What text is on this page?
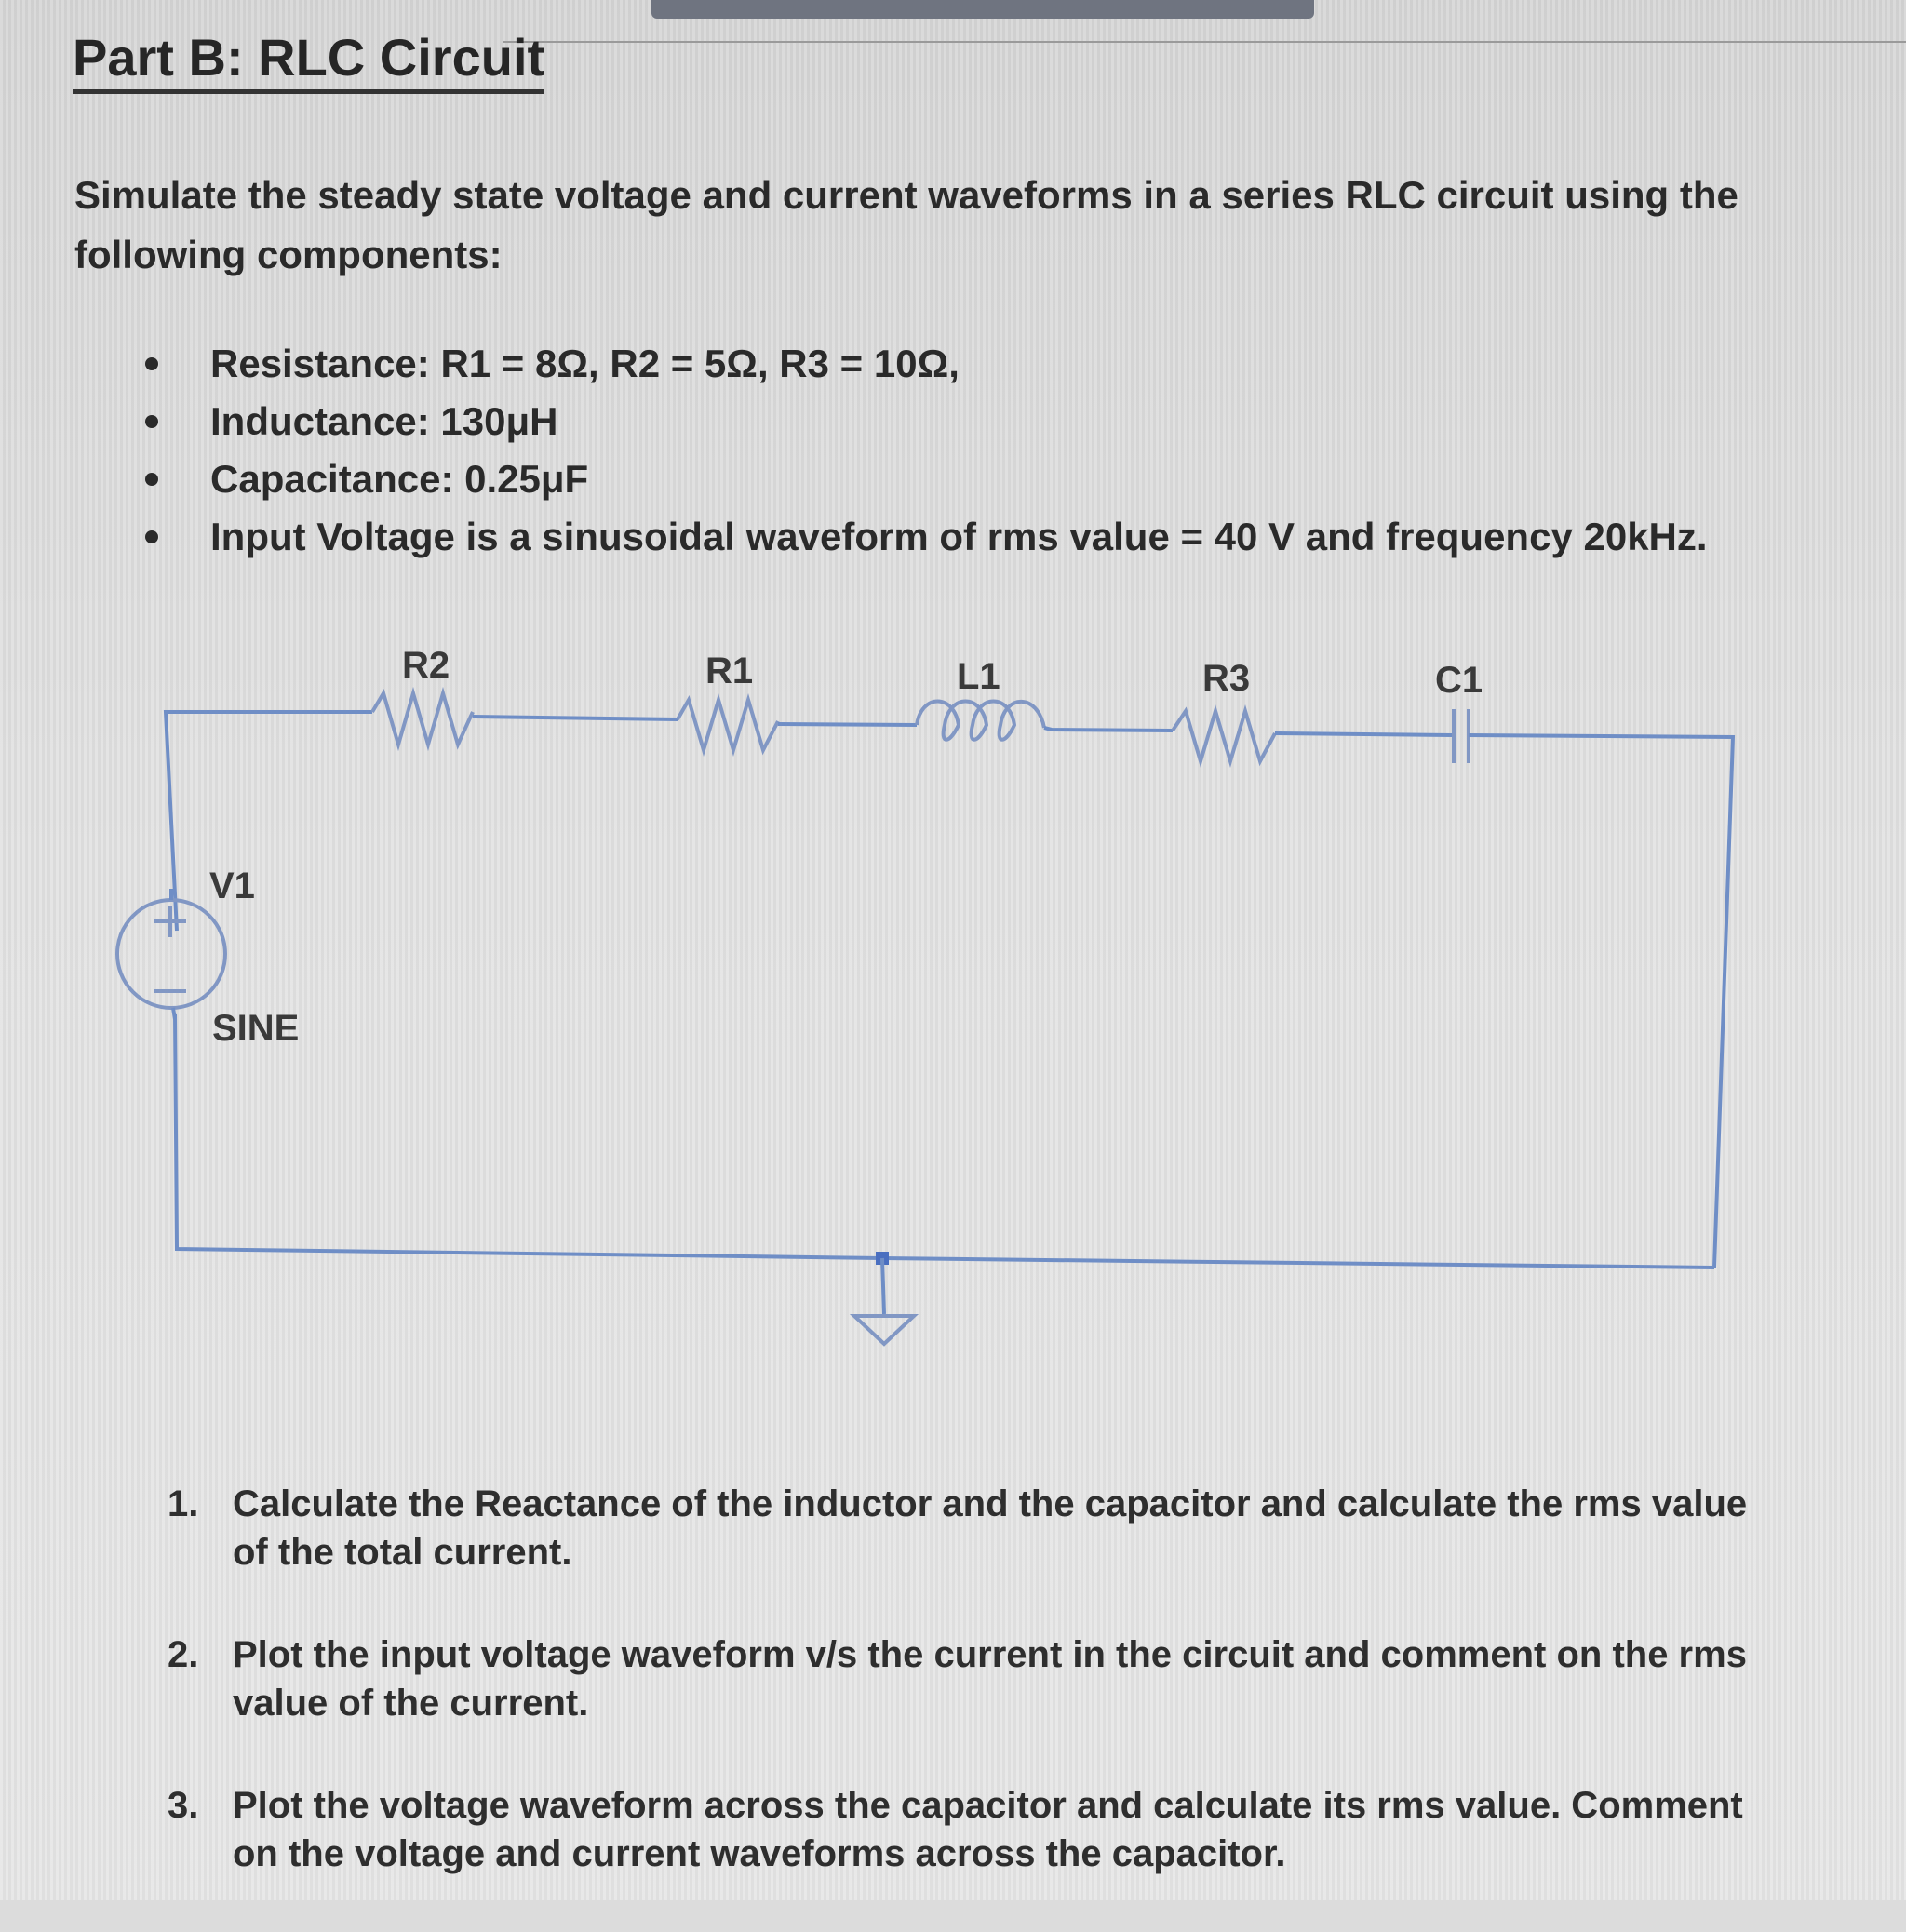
Part B: RLC Circuit
Simulate the steady state voltage and current waveforms in a series RLC circuit using the following components:
Resistance: R1 = 8Ω, R2 = 5Ω, R3 = 10Ω,
Inductance: 130μH
Capacitance: 0.25μF
Input Voltage is a sinusoidal waveform of rms value = 40 V and frequency 20kHz.
R2	R1	L1	R3	C1
V1
SINE
1. Calculate the Reactance of the inductor and the capacitor and calculate the rms value of the total current.
2. Plot the input voltage waveform v/s the current in the circuit and comment on the rms value of the current.
3. Plot the voltage waveform across the capacitor and calculate its rms value. Comment on the voltage and current waveforms across the capacitor.
